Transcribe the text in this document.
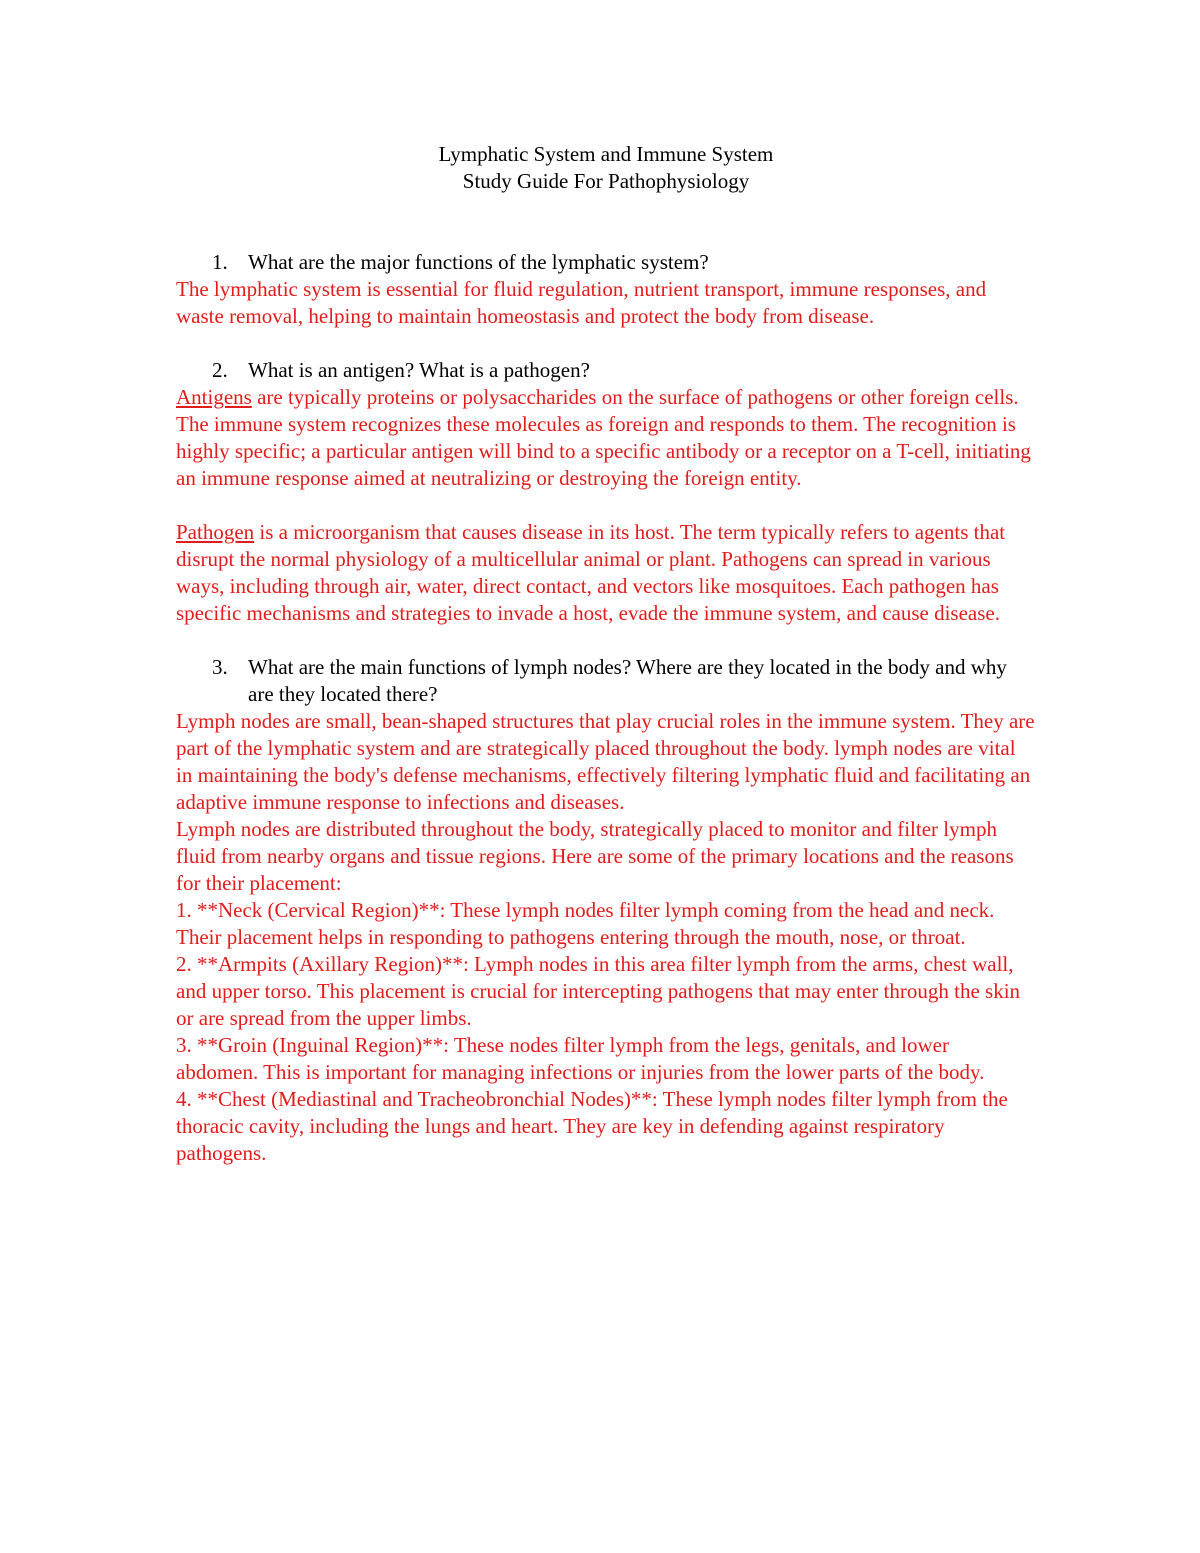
Lymphatic System and Immune System

Study Guide For Pathophysiology

1. What are the major functions of the lymphatic system?

The lymphatic system is essential for fluid regulation, nutrient transport, immune responses, and waste removal, helping to maintain homeostasis and protect the body from disease.

2. What is an antigen? What is a pathogen?

Antigens are typically proteins or polysaccharides on the surface of pathogens or other foreign cells. The immune system recognizes these molecules as foreign and responds to them. The recognition is highly specific; a particular antigen will bind to a specific antibody or a receptor on a T-cell, initiating an immune response aimed at neutralizing or destroying the foreign entity.

Pathogen is a microorganism that causes disease in its host. The term typically refers to agents that disrupt the normal physiology of a multicellular animal or plant. Pathogens can spread in various ways, including through air, water, direct contact, and vectors like mosquitoes. Each pathogen has specific mechanisms and strategies to invade a host, evade the immune system, and cause disease.

3. What are the main functions of lymph nodes? Where are they located in the body and why are they located there?

Lymph nodes are small, bean-shaped structures that play crucial roles in the immune system. They are part of the lymphatic system and are strategically placed throughout the body. lymph nodes are vital in maintaining the body's defense mechanisms, effectively filtering lymphatic fluid and facilitating an adaptive immune response to infections and diseases.

Lymph nodes are distributed throughout the body, strategically placed to monitor and filter lymph fluid from nearby organs and tissue regions. Here are some of the primary locations and the reasons for their placement:

1. **Neck (Cervical Region)**: These lymph nodes filter lymph coming from the head and neck. Their placement helps in responding to pathogens entering through the mouth, nose, or throat.

2. **Armpits (Axillary Region)**: Lymph nodes in this area filter lymph from the arms, chest wall, and upper torso. This placement is crucial for intercepting pathogens that may enter through the skin or are spread from the upper limbs.

3. **Groin (Inguinal Region)**: These nodes filter lymph from the legs, genitals, and lower abdomen. This is important for managing infections or injuries from the lower parts of the body.

4. **Chest (Mediastinal and Tracheobronchial Nodes)**: These lymph nodes filter lymph from the thoracic cavity, including the lungs and heart. They are key in defending against respiratory pathogens.
